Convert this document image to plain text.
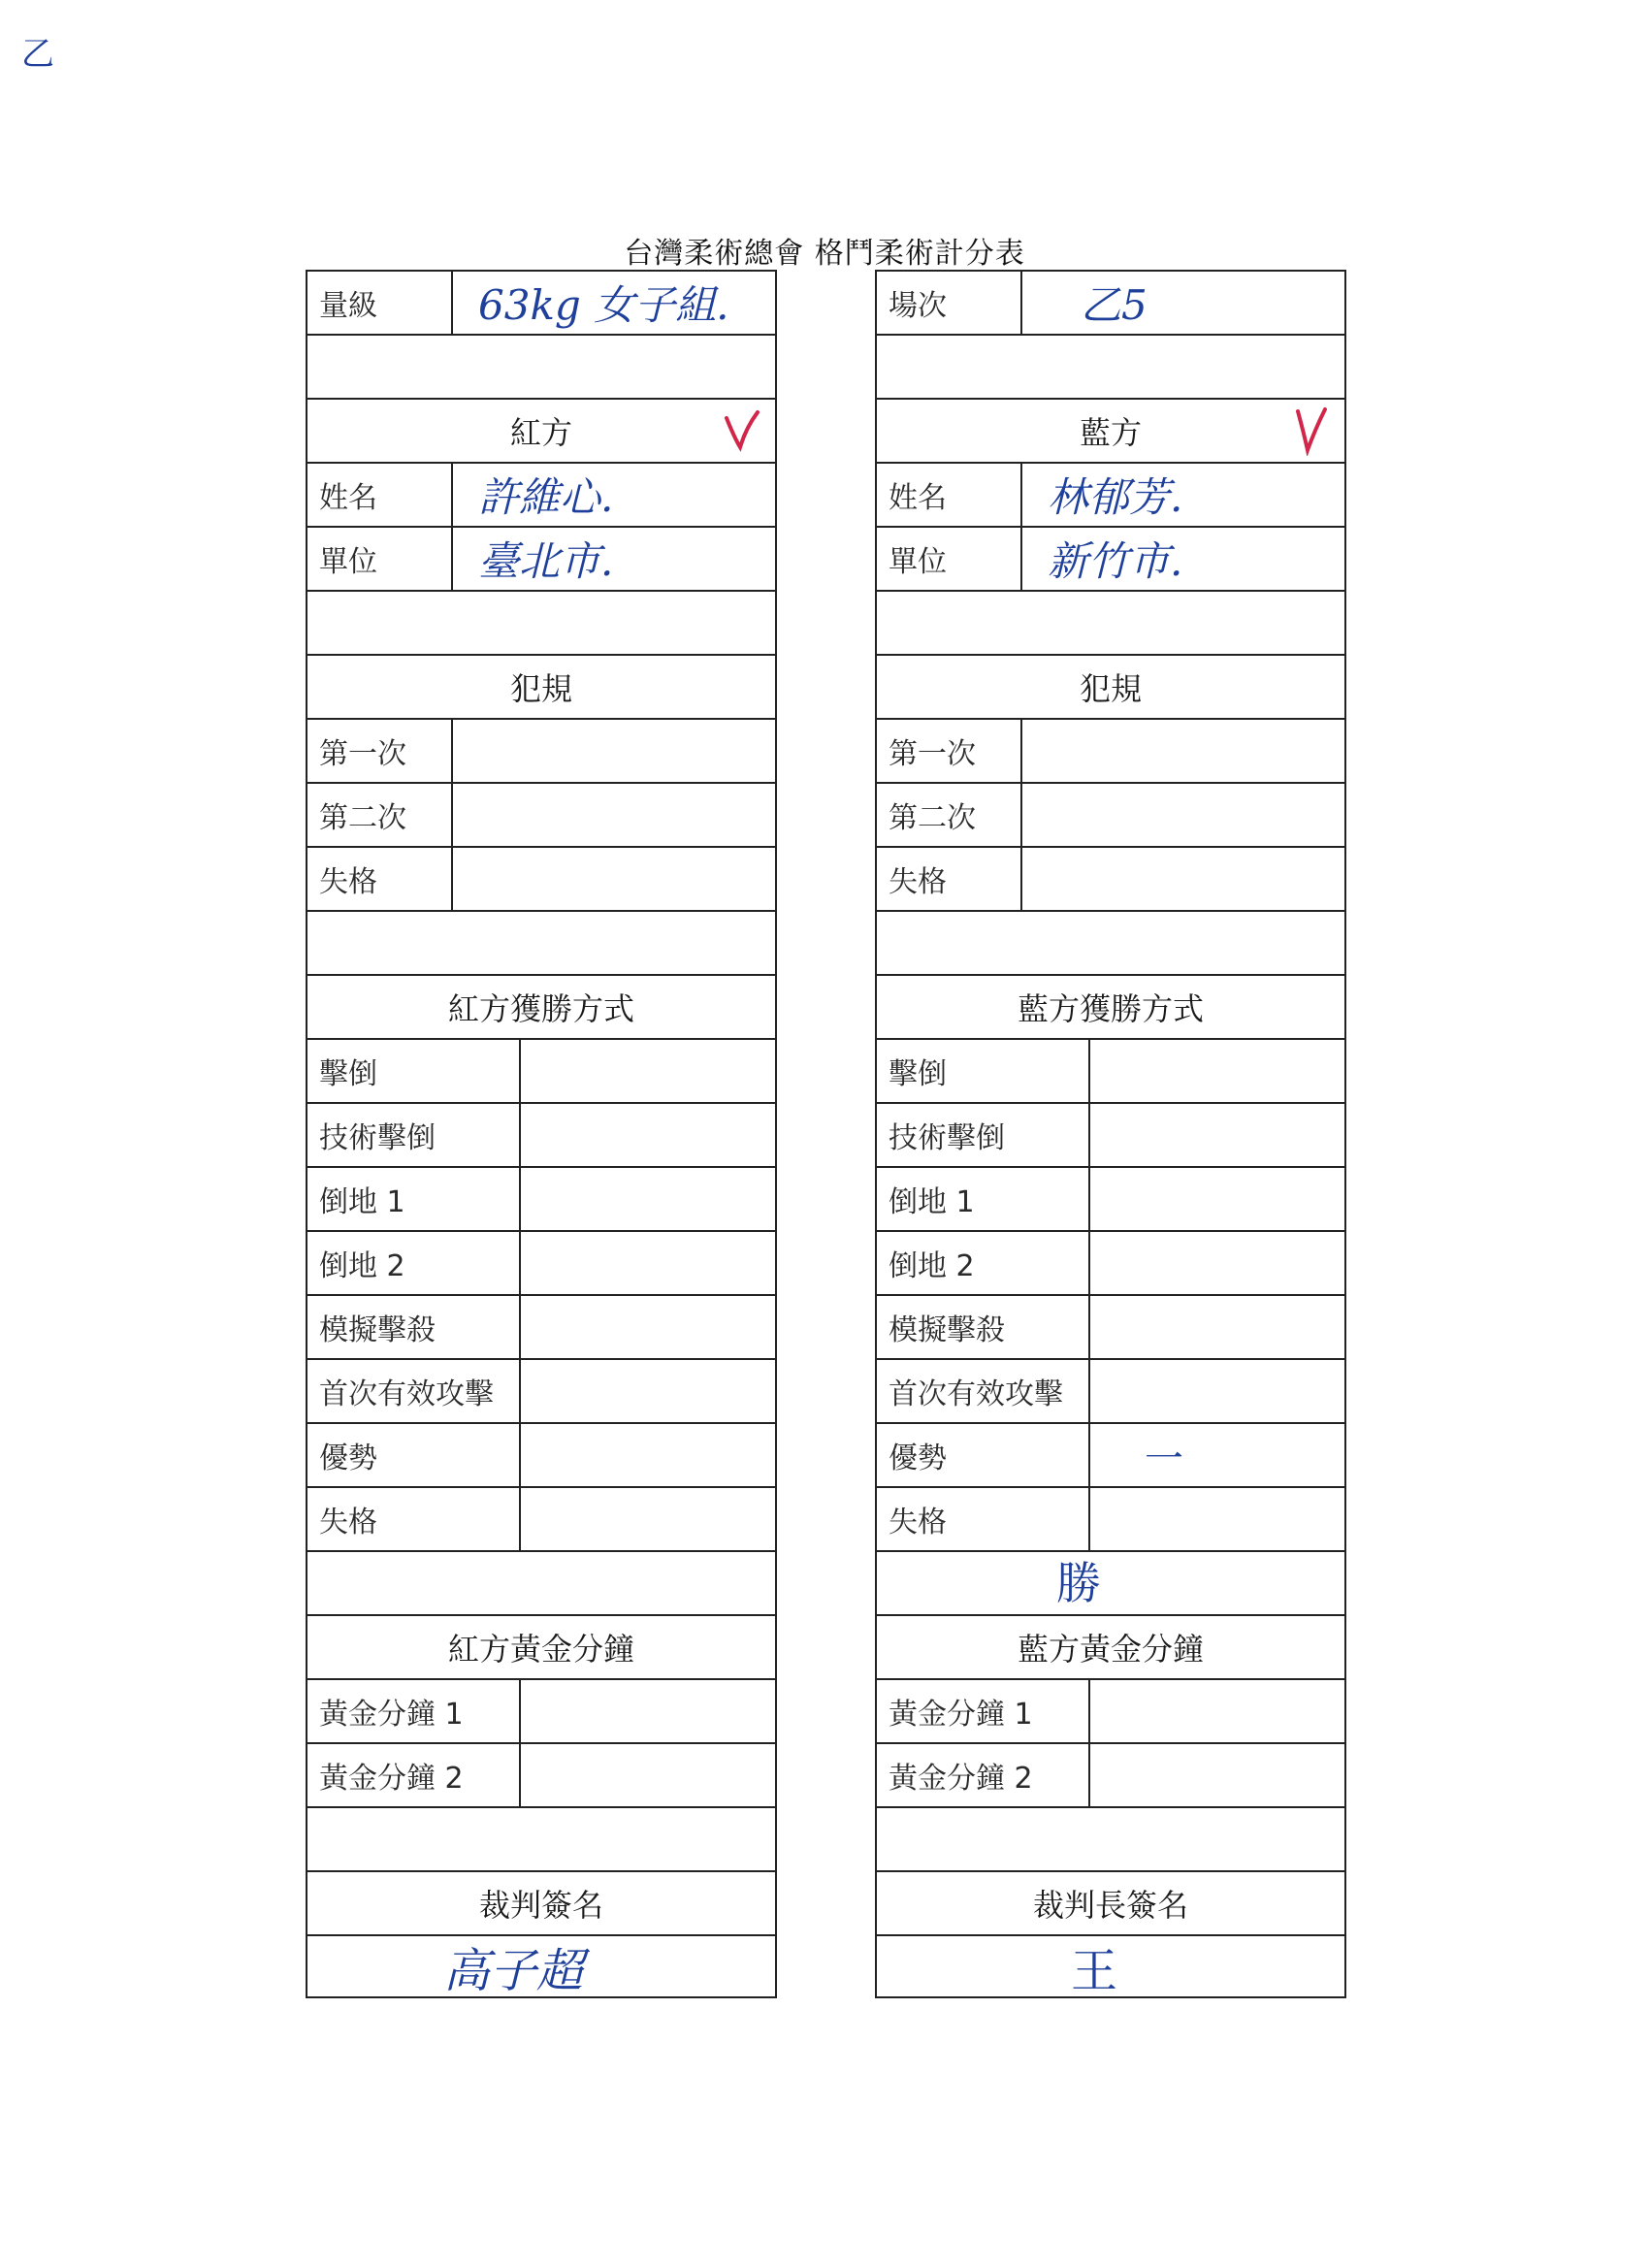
乙
台灣柔術總會 格鬥柔術計分表
量級	63kg 女子組.
紅方
姓名	許維心.
單位	臺北市.
犯規
第一次
第二次
失格
紅方獲勝方式
擊倒
技術擊倒
倒地 1
倒地 2
模擬擊殺
首次有效攻擊
優勢
失格
紅方黃金分鐘
黃金分鐘 1
黃金分鐘 2
裁判簽名
高子超
場次	乙5
藍方
姓名	林郁芳.
單位	新竹市.
犯規
第一次
第二次
失格
藍方獲勝方式
擊倒
技術擊倒
倒地 1
倒地 2
模擬擊殺
首次有效攻擊
優勢	一
失格
勝
藍方黃金分鐘
黃金分鐘 1
黃金分鐘 2
裁判長簽名
王
